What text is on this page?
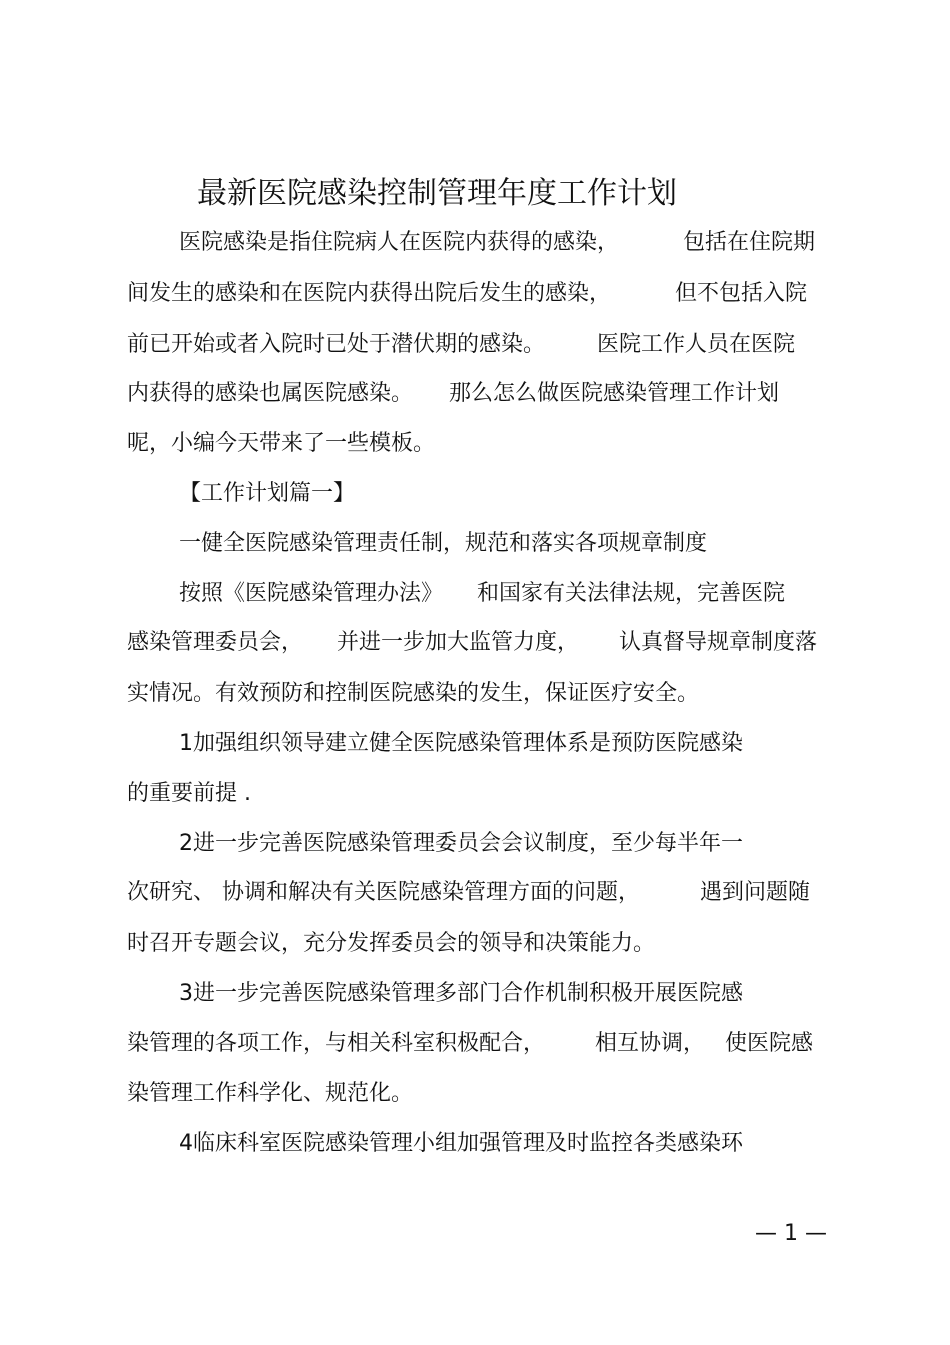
最新医院感染控制管理年度工作计划
医院感染是指住院病人在医院内获得的感染，	包括在住院期
间发生的感染和在医院内获得出院后发生的感染，	但不包括入院
前已开始或者入院时已处于潜伏期的感染。 医院工作人员在医院
内获得的感染也属医院感染。 那么怎么做医院感染管理工作计划
呢，小编今天带来了一些模板。
【工作计划篇一】
一健全医院感染管理责任制，规范和落实各项规章制度
按照《医院感染管理办法》 和国家有关法律法规，完善医院
感染管理委员会， 并进一步加大监管力度， 认真督导规章制度落
实情况。有效预防和控制医院感染的发生，保证医疗安全。
1加强组织领导建立健全医院感染管理体系是预防医院感染
的重要前提 .
2进一步完善医院感染管理委员会会议制度，至少每半年一
次研究、 协调和解决有关医院感染管理方面的问题，	遇到问题随
时召开专题会议，充分发挥委员会的领导和决策能力。
3进一步完善医院感染管理多部门合作机制积极开展医院感
染管理的各项工作，与相关科室积极配合， 相互协调， 使医院感
染管理工作科学化、规范化。
4临床科室医院感染管理小组加强管理及时监控各类感染环
— 1 —
